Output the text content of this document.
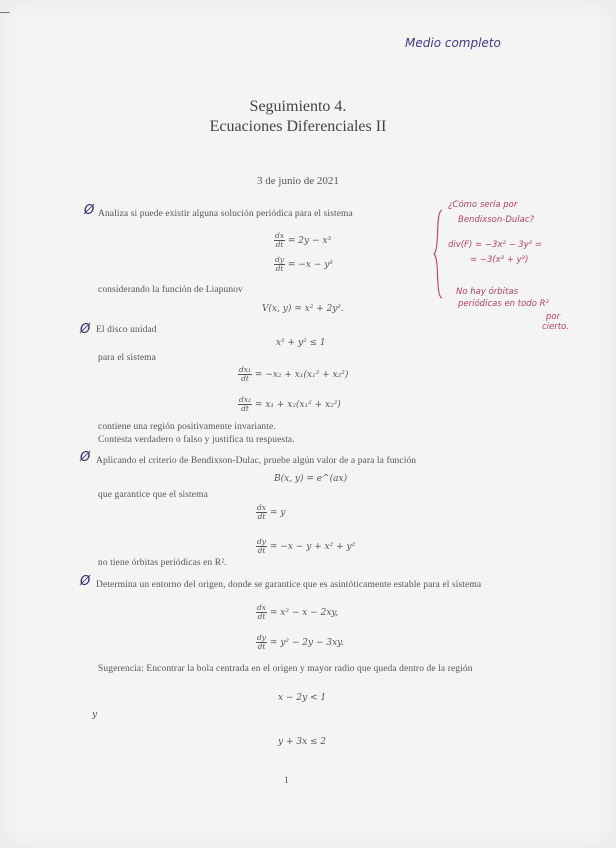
Medio completo
Seguimiento 4.
Ecuaciones Diferenciales II
3 de junio de 2021
Ø Analiza si puede existir alguna solución periódica para el sistema
$\frac{dx}{dt} = 2y - x^3$
$\frac{dy}{dt} = -x - y^3$
considerando la función de Liapunov
V(x, y) = x² + 2y².
Ø El disco unidad
x² + y² ≤ 1
para el sistema
$\frac{\text{dx₁}}{dt} = -x_2 + x_1(x_1^2 + x_2^2)$
$\frac{\text{dx₂}}{dt} = x_1 + x_2(x_1^2 + x_2^2)$
contiene una región positivamente invariante.
Contesta verdadero o falso y justifica tu respuesta.
Ø Aplicando el criterio de Bendixson-Dulac, pruebe algún valor de a para la función
B(x, y) = e^(ax)
que garantice que el sistema
$\frac{dx}{dt} = y$
$\frac{dy}{dt} = -x - y + x^2 + y^2$
no tiene órbitas periódicas en R².
Ø Determina un entorno del origen, donde se garantice que es asintóticamente estable para el sistema
$\frac{dx}{dt} = x^2 - x - 2xy$,
$\frac{dy}{dt} = y^2 - 2y - 3xy$.
Sugerencia: Encontrar la bola centrada en el origen y mayor radio que queda dentro de la región
x − 2y < 1
y
y + 3x ≤ 2
1
¿Cómo sería por
Bendixson-Dulac?
div(F) = −3x² − 3y² =
= −3(x² + y²)
No hay órbitas
periódicas en todo R²
por
cierto.
